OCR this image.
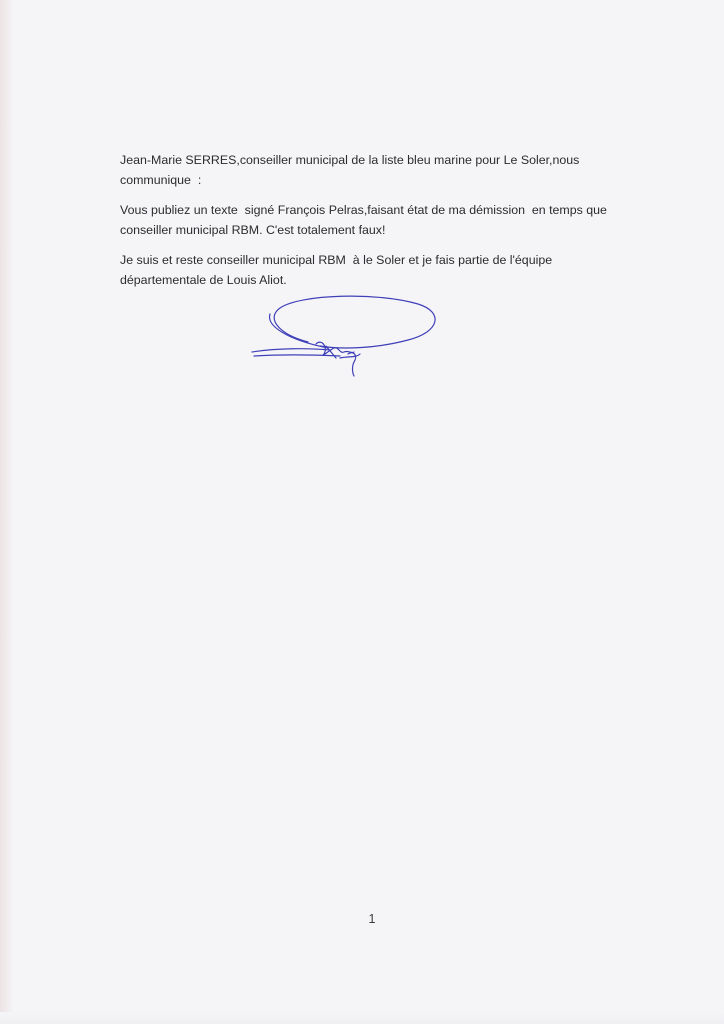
Jean-Marie SERRES,conseiller municipal de la liste bleu marine pour Le Soler,nous
communique  :

Vous publiez un texte  signé François Pelras,faisant état de ma démission  en temps que
conseiller municipal RBM. C'est totalement faux!

Je suis et reste conseiller municipal RBM  à le Soler et je fais partie de l'équipe
départementale de Louis Aliot.

1
